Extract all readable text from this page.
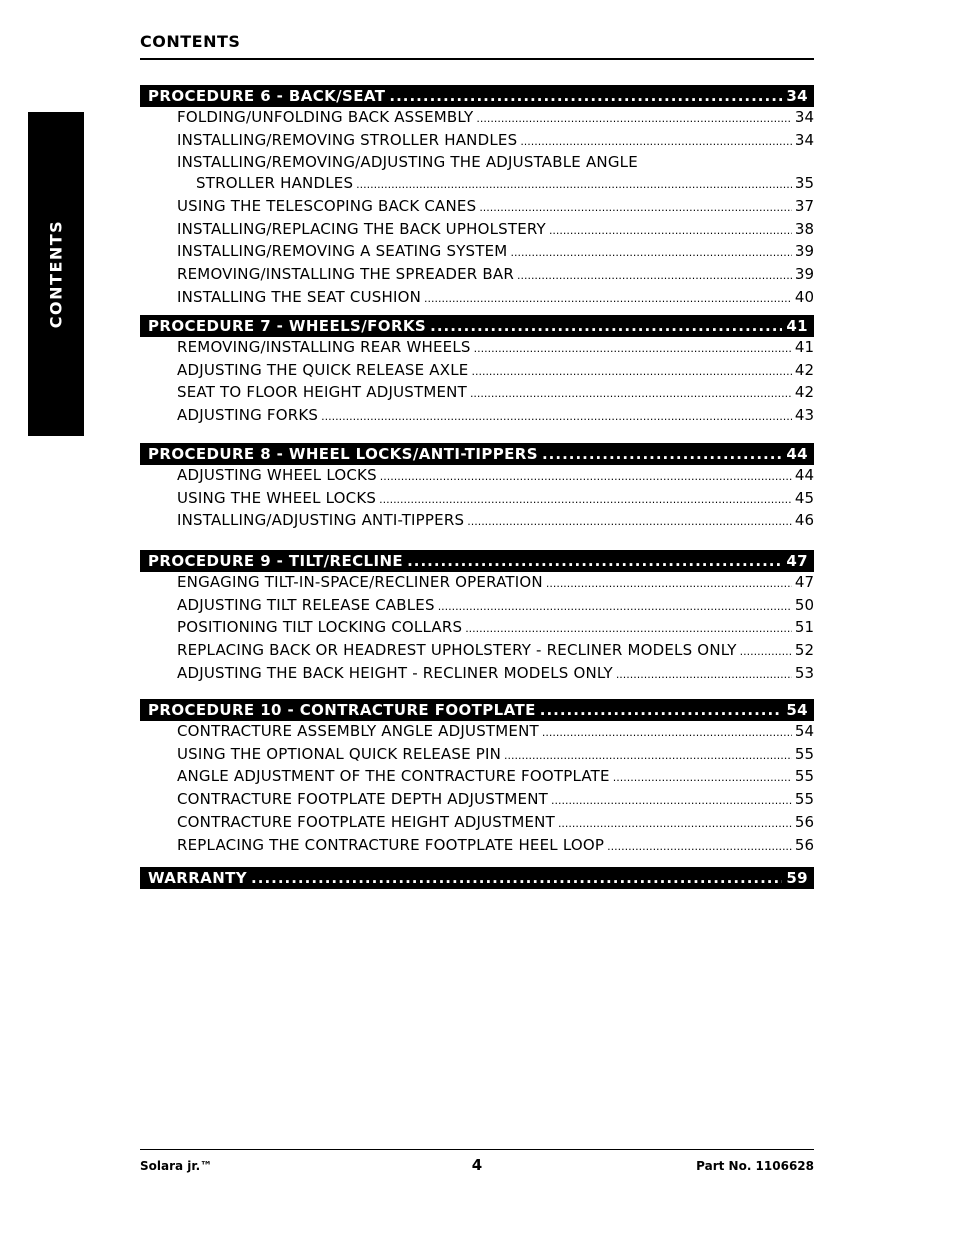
CONTENTS
CONTENTS
PROCEDURE 6 - BACK/SEAT .....	34
FOLDING/UNFOLDING BACK ASSEMBLY .....	34
INSTALLING/REMOVING STROLLER HANDLES .....	34
INSTALLING/REMOVING/ADJUSTING THE ADJUSTABLE ANGLE
STROLLER HANDLES .....	35
USING THE TELESCOPING BACK CANES .....	37
INSTALLING/REPLACING THE BACK UPHOLSTERY .....	38
INSTALLING/REMOVING A SEATING SYSTEM .....	39
REMOVING/INSTALLING THE SPREADER BAR .....	39
INSTALLING THE SEAT CUSHION .....	40
PROCEDURE 7 - WHEELS/FORKS .....	41
REMOVING/INSTALLING REAR WHEELS .....	41
ADJUSTING THE QUICK RELEASE AXLE .....	42
SEAT TO FLOOR HEIGHT ADJUSTMENT .....	42
ADJUSTING FORKS .....	43
PROCEDURE 8 - WHEEL LOCKS/ANTI-TIPPERS .....	44
ADJUSTING WHEEL LOCKS .....	44
USING THE WHEEL LOCKS .....	45
INSTALLING/ADJUSTING ANTI-TIPPERS .....	46
PROCEDURE 9 - TILT/RECLINE .....	47
ENGAGING TILT-IN-SPACE/RECLINER OPERATION .....	47
ADJUSTING TILT RELEASE CABLES .....	50
POSITIONING TILT LOCKING COLLARS .....	51
REPLACING BACK OR HEADREST UPHOLSTERY - RECLINER MODELS ONLY .....	52
ADJUSTING THE BACK HEIGHT - RECLINER MODELS ONLY .....	53
PROCEDURE 10 - CONTRACTURE FOOTPLATE .....	54
CONTRACTURE ASSEMBLY ANGLE ADJUSTMENT .....	54
USING THE OPTIONAL QUICK RELEASE PIN .....	55
ANGLE ADJUSTMENT OF THE CONTRACTURE FOOTPLATE .....	55
CONTRACTURE FOOTPLATE DEPTH ADJUSTMENT .....	55
CONTRACTURE FOOTPLATE HEIGHT ADJUSTMENT .....	56
REPLACING THE CONTRACTURE FOOTPLATE HEEL LOOP .....	56
WARRANTY .....	59
Solara jr.™	4	Part No. 1106628
